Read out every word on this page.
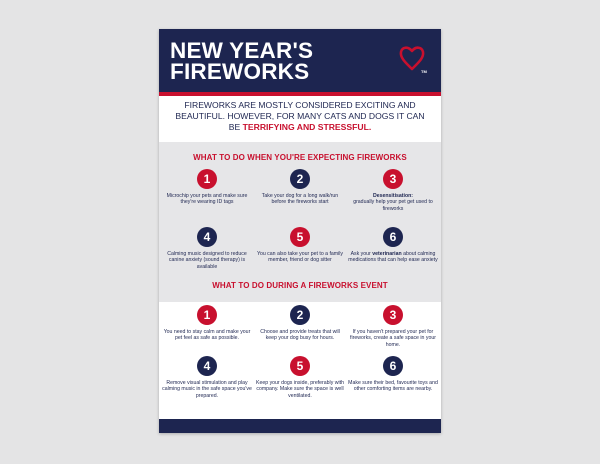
NEW YEAR'S
FIREWORKS	TM

FIREWORKS ARE MOSTLY CONSIDERED EXCITING AND BEAUTIFUL. HOWEVER, FOR MANY CATS AND DOGS IT CAN BE TERRIFYING AND STRESSFUL.

WHAT TO DO WHEN YOU'RE EXPECTING FIREWORKS
1
Microchip your pets and make sure they're wearing ID tags
2
Take your dog for a long walk/run before the fireworks start
3
Desensitisation:
gradually help your pet get used to fireworks
4
Calming music designed to reduce canine anxiety (sound therapy) is available
5
You can also take your pet to a family member, friend or dog sitter
6
Ask your veterinarian about calming medications that can help ease anxiety
WHAT TO DO DURING A FIREWORKS EVENT
1
You need to stay calm and make your pet feel as safe as possible.
2
Choose and provide treats that will keep your dog busy for hours.
3
If you haven't prepared your pet for fireworks, create a safe space in your home.
4
Remove visual stimulation and play calming music in the safe space you've prepared.
5
Keep your dogs inside, preferably with company. Make sure the space is well ventilated.
6
Make sure their bed, favourite toys and other comforting items are nearby.
